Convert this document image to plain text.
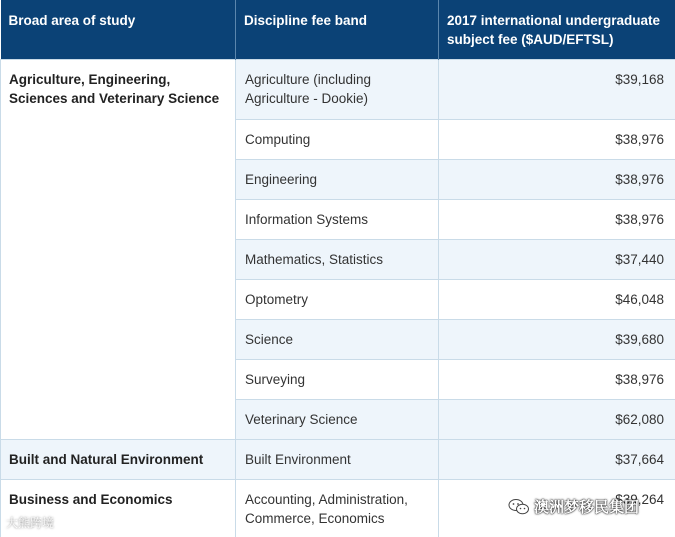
Broad area of study	Discipline fee band	2017 international undergraduate subject fee ($AUD/EFTSL)
Agriculture, Engineering, Sciences and Veterinary Science	Agriculture (including Agriculture - Dookie)	$39,168
	Computing	$38,976
	Engineering	$38,976
	Information Systems	$38,976
	Mathematics, Statistics	$37,440
	Optometry	$46,048
	Science	$39,680
	Surveying	$38,976
	Veterinary Science	$62,080
Built and Natural Environment	Built Environment	$37,664
Business and Economics	Accounting, Administration, Commerce, Economics	$39,264
大熊跨境
澳洲梦移民集团
